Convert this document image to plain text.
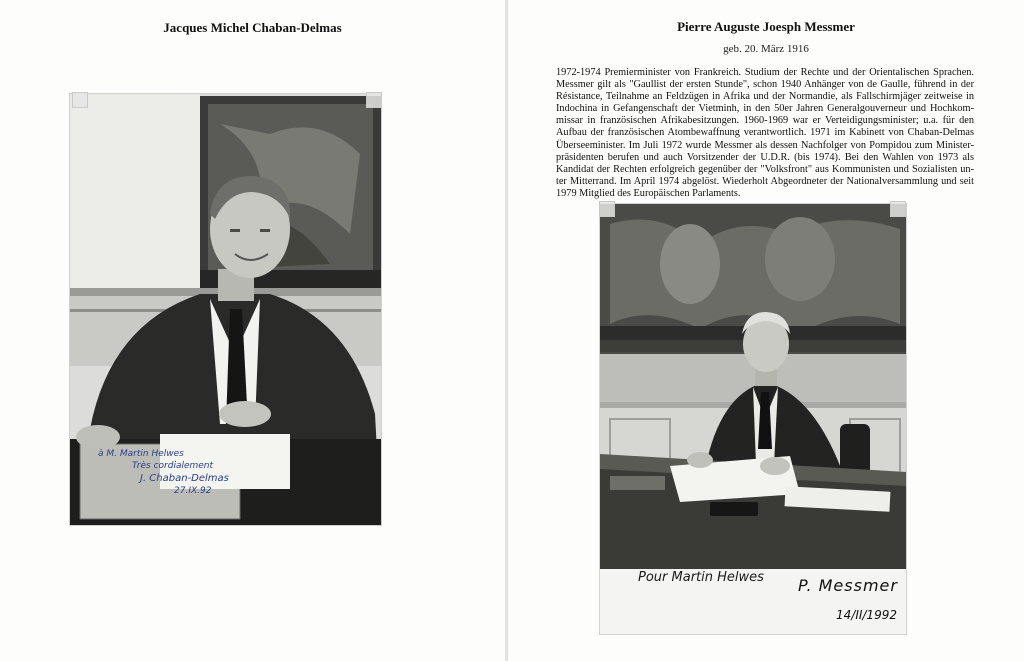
Jacques Michel Chaban-Delmas
à M. Martin Helwes
Très cordialement
J. Chaban-Delmas
27.IX.92
Pierre Auguste Joesph Messmer
geb. 20. März 1916
1972-1974 Premierminister von Frankreich. Studium der Rechte und der Orientalischen Sprachen.
Messmer gilt als "Gaullist der ersten Stunde", schon 1940 Anhänger von de Gaulle, führend in der
Résistance, Teilnahme an Feldzügen in Afrika und der Normandie, als Fallschirmjäger zeitweise in
Indochina in Gefangenschaft der Vietminh, in den 50er Jahren Generalgouverneur und Hochkom-
missar in französischen Afrikabesitzungen. 1960-1969 war er Verteidigungsminister; u.a. für den
Aufbau der französischen Atombewaffnung verantwortlich. 1971 im Kabinett von Chaban-Delmas
Überseeminister. Im Juli 1972 wurde Messmer als dessen Nachfolger von Pompidou zum Minister-
präsidenten berufen und auch Vorsitzender der U.D.R. (bis 1974). Bei den Wahlen von 1973 als
Kandidat der Rechten erfolgreich gegenüber der "Volksfront" aus Kommunisten und Sozialisten un-
ter Mitterrand. Im April 1974 abgelöst. Wiederholt Abgeordneter der Nationalversammlung und seit
1979 Mitglied des Europäischen Parlaments.
Pour Martin Helwes P. Messmer
14/II/1992
